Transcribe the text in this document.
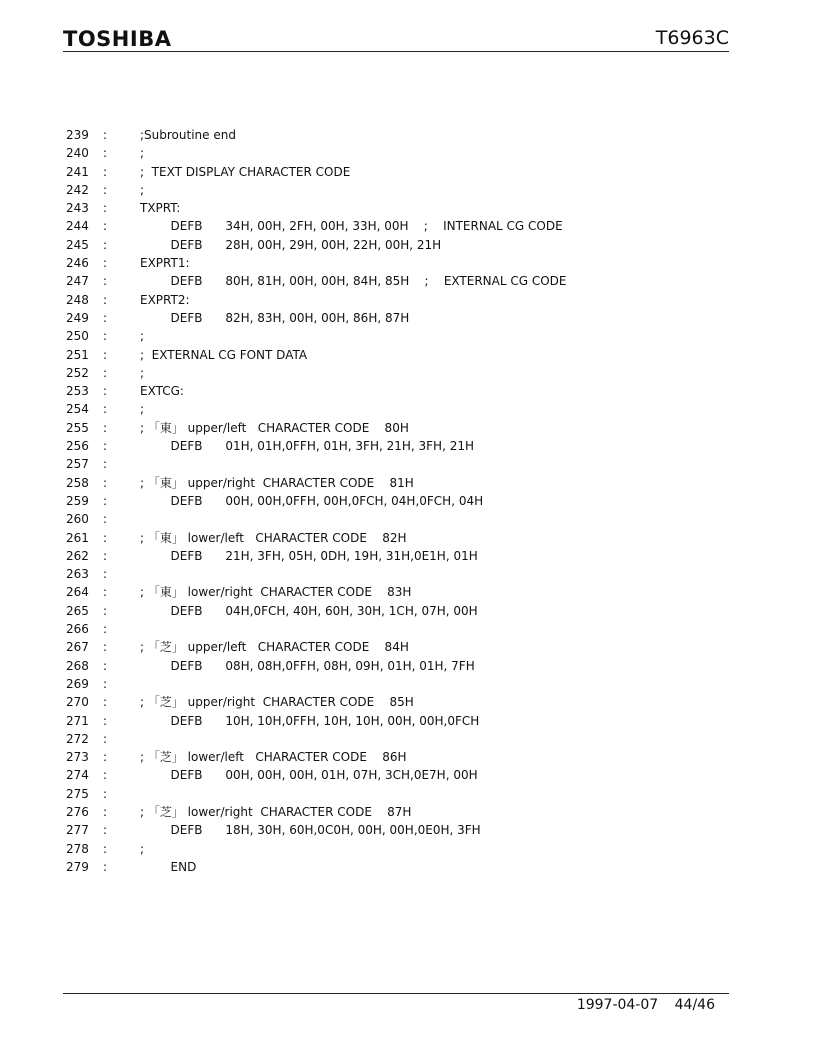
TOSHIBA	T6963C
239	:	;Subroutine end
240	:	;
241	:	;  TEXT DISPLAY CHARACTER CODE
242	:	;
243	:	TXPRT:
244	:	DEFB      34H, 00H, 2FH, 00H, 33H, 00H    ;    INTERNAL CG CODE
245	:	DEFB      28H, 00H, 29H, 00H, 22H, 00H, 21H
246	:	EXPRT1:
247	:	DEFB      80H, 81H, 00H, 00H, 84H, 85H    ;    EXTERNAL CG CODE
248	:	EXPRT2:
249	:	DEFB      82H, 83H, 00H, 00H, 86H, 87H
250	:	;
251	:	;  EXTERNAL CG FONT DATA
252	:	;
253	:	EXTCG:
254	:	;
255	:	; 「東」 upper/left   CHARACTER CODE    80H
256	:	DEFB      01H, 01H,0FFH, 01H, 3FH, 21H, 3FH, 21H
257	:
258	:	; 「東」 upper/right  CHARACTER CODE    81H
259	:	DEFB      00H, 00H,0FFH, 00H,0FCH, 04H,0FCH, 04H
260	:
261	:	; 「東」 lower/left   CHARACTER CODE    82H
262	:	DEFB      21H, 3FH, 05H, 0DH, 19H, 31H,0E1H, 01H
263	:
264	:	; 「東」 lower/right  CHARACTER CODE    83H
265	:	DEFB      04H,0FCH, 40H, 60H, 30H, 1CH, 07H, 00H
266	:
267	:	; 「芝」 upper/left   CHARACTER CODE    84H
268	:	DEFB      08H, 08H,0FFH, 08H, 09H, 01H, 01H, 7FH
269	:
270	:	; 「芝」 upper/right  CHARACTER CODE    85H
271	:	DEFB      10H, 10H,0FFH, 10H, 10H, 00H, 00H,0FCH
272	:
273	:	; 「芝」 lower/left   CHARACTER CODE    86H
274	:	DEFB      00H, 00H, 00H, 01H, 07H, 3CH,0E7H, 00H
275	:
276	:	; 「芝」 lower/right  CHARACTER CODE    87H
277	:	DEFB      18H, 30H, 60H,0C0H, 00H, 00H,0E0H, 3FH
278	:	;
279	:	END
1997-04-07 44/46
